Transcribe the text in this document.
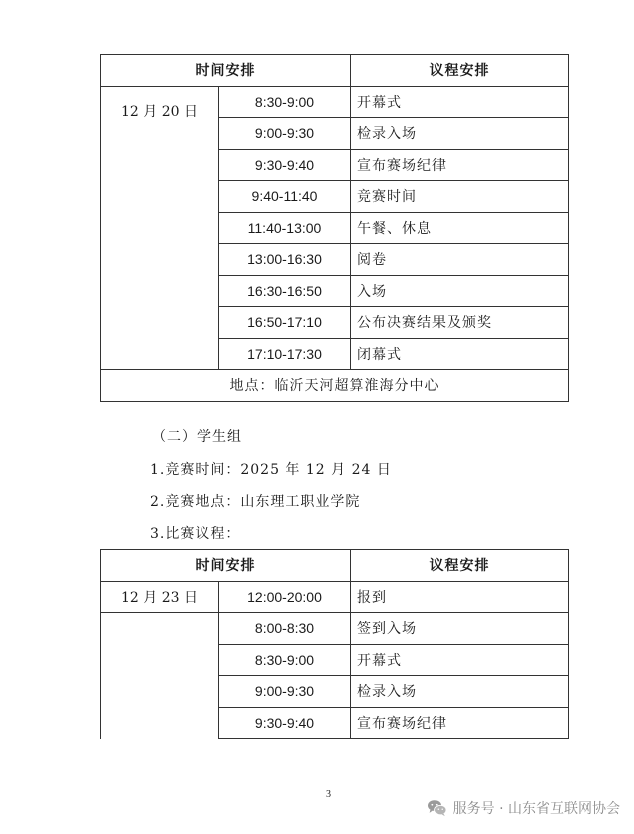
时间安排		议程安排
12 月 20 日	8:30-9:00	开幕式
	9:00-9:30	检录入场
	9:30-9:40	宣布赛场纪律
	9:40-11:40	竞赛时间
	11:40-13:00	午餐、休息
	13:00-16:30	阅卷
	16:30-16:50	入场
	16:50-17:10	公布决赛结果及颁奖
	17:10-17:30	闭幕式
地点：临沂天河超算淮海分中心		
（二）学生组
1.竞赛时间：2025 年 12 月 24 日
2.竞赛地点：山东理工职业学院
3.比赛议程：
时间安排		议程安排
12 月 23 日	12:00-20:00	报到
	8:00-8:30	签到入场
	8:30-9:00	开幕式
	9:00-9:30	检录入场
	9:30-9:40	宣布赛场纪律
3
服务号 · 山东省互联网协会
